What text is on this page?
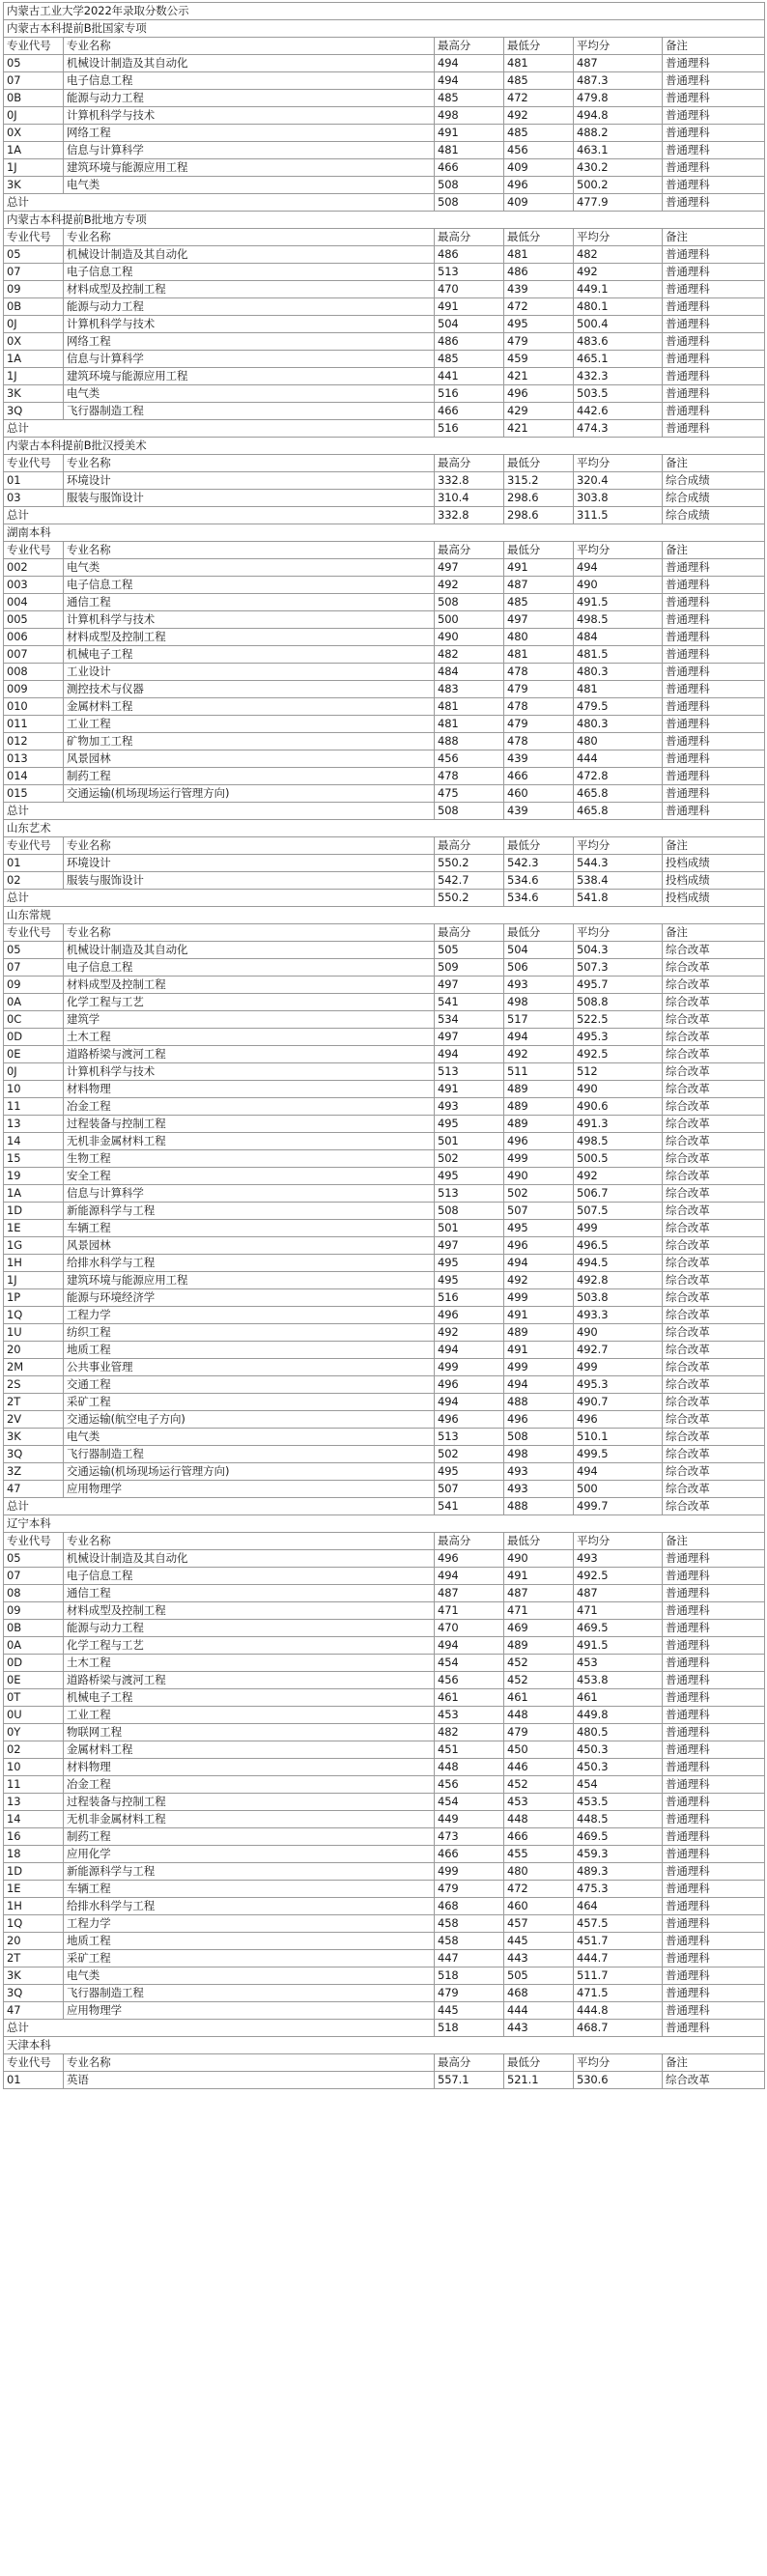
内蒙古工业大学2022年录取分数公示					
内蒙古本科提前B批国家专项					
专业代号	专业名称	最高分	最低分	平均分	备注
05	机械设计制造及其自动化	494	481	487	普通理科
07	电子信息工程	494	485	487.3	普通理科
0B	能源与动力工程	485	472	479.8	普通理科
0J	计算机科学与技术	498	492	494.8	普通理科
0X	网络工程	491	485	488.2	普通理科
1A	信息与计算科学	481	456	463.1	普通理科
1J	建筑环境与能源应用工程	466	409	430.2	普通理科
3K	电气类	508	496	500.2	普通理科
总计		508	409	477.9	普通理科
内蒙古本科提前B批地方专项					
专业代号	专业名称	最高分	最低分	平均分	备注
05	机械设计制造及其自动化	486	481	482	普通理科
07	电子信息工程	513	486	492	普通理科
09	材料成型及控制工程	470	439	449.1	普通理科
0B	能源与动力工程	491	472	480.1	普通理科
0J	计算机科学与技术	504	495	500.4	普通理科
0X	网络工程	486	479	483.6	普通理科
1A	信息与计算科学	485	459	465.1	普通理科
1J	建筑环境与能源应用工程	441	421	432.3	普通理科
3K	电气类	516	496	503.5	普通理科
3Q	飞行器制造工程	466	429	442.6	普通理科
总计		516	421	474.3	普通理科
内蒙古本科提前B批汉授美术					
专业代号	专业名称	最高分	最低分	平均分	备注
01	环境设计	332.8	315.2	320.4	综合成绩
03	服装与服饰设计	310.4	298.6	303.8	综合成绩
总计		332.8	298.6	311.5	综合成绩
湖南本科					
专业代号	专业名称	最高分	最低分	平均分	备注
002	电气类	497	491	494	普通理科
003	电子信息工程	492	487	490	普通理科
004	通信工程	508	485	491.5	普通理科
005	计算机科学与技术	500	497	498.5	普通理科
006	材料成型及控制工程	490	480	484	普通理科
007	机械电子工程	482	481	481.5	普通理科
008	工业设计	484	478	480.3	普通理科
009	测控技术与仪器	483	479	481	普通理科
010	金属材料工程	481	478	479.5	普通理科
011	工业工程	481	479	480.3	普通理科
012	矿物加工工程	488	478	480	普通理科
013	风景园林	456	439	444	普通理科
014	制药工程	478	466	472.8	普通理科
015	交通运输(机场现场运行管理方向)	475	460	465.8	普通理科
总计		508	439	465.8	普通理科
山东艺术					
专业代号	专业名称	最高分	最低分	平均分	备注
01	环境设计	550.2	542.3	544.3	投档成绩
02	服装与服饰设计	542.7	534.6	538.4	投档成绩
总计		550.2	534.6	541.8	投档成绩
山东常规					
专业代号	专业名称	最高分	最低分	平均分	备注
05	机械设计制造及其自动化	505	504	504.3	综合改革
07	电子信息工程	509	506	507.3	综合改革
09	材料成型及控制工程	497	493	495.7	综合改革
0A	化学工程与工艺	541	498	508.8	综合改革
0C	建筑学	534	517	522.5	综合改革
0D	土木工程	497	494	495.3	综合改革
0E	道路桥梁与渡河工程	494	492	492.5	综合改革
0J	计算机科学与技术	513	511	512	综合改革
10	材料物理	491	489	490	综合改革
11	冶金工程	493	489	490.6	综合改革
13	过程装备与控制工程	495	489	491.3	综合改革
14	无机非金属材料工程	501	496	498.5	综合改革
15	生物工程	502	499	500.5	综合改革
19	安全工程	495	490	492	综合改革
1A	信息与计算科学	513	502	506.7	综合改革
1D	新能源科学与工程	508	507	507.5	综合改革
1E	车辆工程	501	495	499	综合改革
1G	风景园林	497	496	496.5	综合改革
1H	给排水科学与工程	495	494	494.5	综合改革
1J	建筑环境与能源应用工程	495	492	492.8	综合改革
1P	能源与环境经济学	516	499	503.8	综合改革
1Q	工程力学	496	491	493.3	综合改革
1U	纺织工程	492	489	490	综合改革
20	地质工程	494	491	492.7	综合改革
2M	公共事业管理	499	499	499	综合改革
2S	交通工程	496	494	495.3	综合改革
2T	采矿工程	494	488	490.7	综合改革
2V	交通运输(航空电子方向)	496	496	496	综合改革
3K	电气类	513	508	510.1	综合改革
3Q	飞行器制造工程	502	498	499.5	综合改革
3Z	交通运输(机场现场运行管理方向)	495	493	494	综合改革
47	应用物理学	507	493	500	综合改革
总计		541	488	499.7	综合改革
辽宁本科					
专业代号	专业名称	最高分	最低分	平均分	备注
05	机械设计制造及其自动化	496	490	493	普通理科
07	电子信息工程	494	491	492.5	普通理科
08	通信工程	487	487	487	普通理科
09	材料成型及控制工程	471	471	471	普通理科
0B	能源与动力工程	470	469	469.5	普通理科
0A	化学工程与工艺	494	489	491.5	普通理科
0D	土木工程	454	452	453	普通理科
0E	道路桥梁与渡河工程	456	452	453.8	普通理科
0T	机械电子工程	461	461	461	普通理科
0U	工业工程	453	448	449.8	普通理科
0Y	物联网工程	482	479	480.5	普通理科
02	金属材料工程	451	450	450.3	普通理科
10	材料物理	448	446	450.3	普通理科
11	冶金工程	456	452	454	普通理科
13	过程装备与控制工程	454	453	453.5	普通理科
14	无机非金属材料工程	449	448	448.5	普通理科
16	制药工程	473	466	469.5	普通理科
18	应用化学	466	455	459.3	普通理科
1D	新能源科学与工程	499	480	489.3	普通理科
1E	车辆工程	479	472	475.3	普通理科
1H	给排水科学与工程	468	460	464	普通理科
1Q	工程力学	458	457	457.5	普通理科
20	地质工程	458	445	451.7	普通理科
2T	采矿工程	447	443	444.7	普通理科
3K	电气类	518	505	511.7	普通理科
3Q	飞行器制造工程	479	468	471.5	普通理科
47	应用物理学	445	444	444.8	普通理科
总计		518	443	468.7	普通理科
天津本科					
专业代号	专业名称	最高分	最低分	平均分	备注
01	英语	557.1	521.1	530.6	综合改革
